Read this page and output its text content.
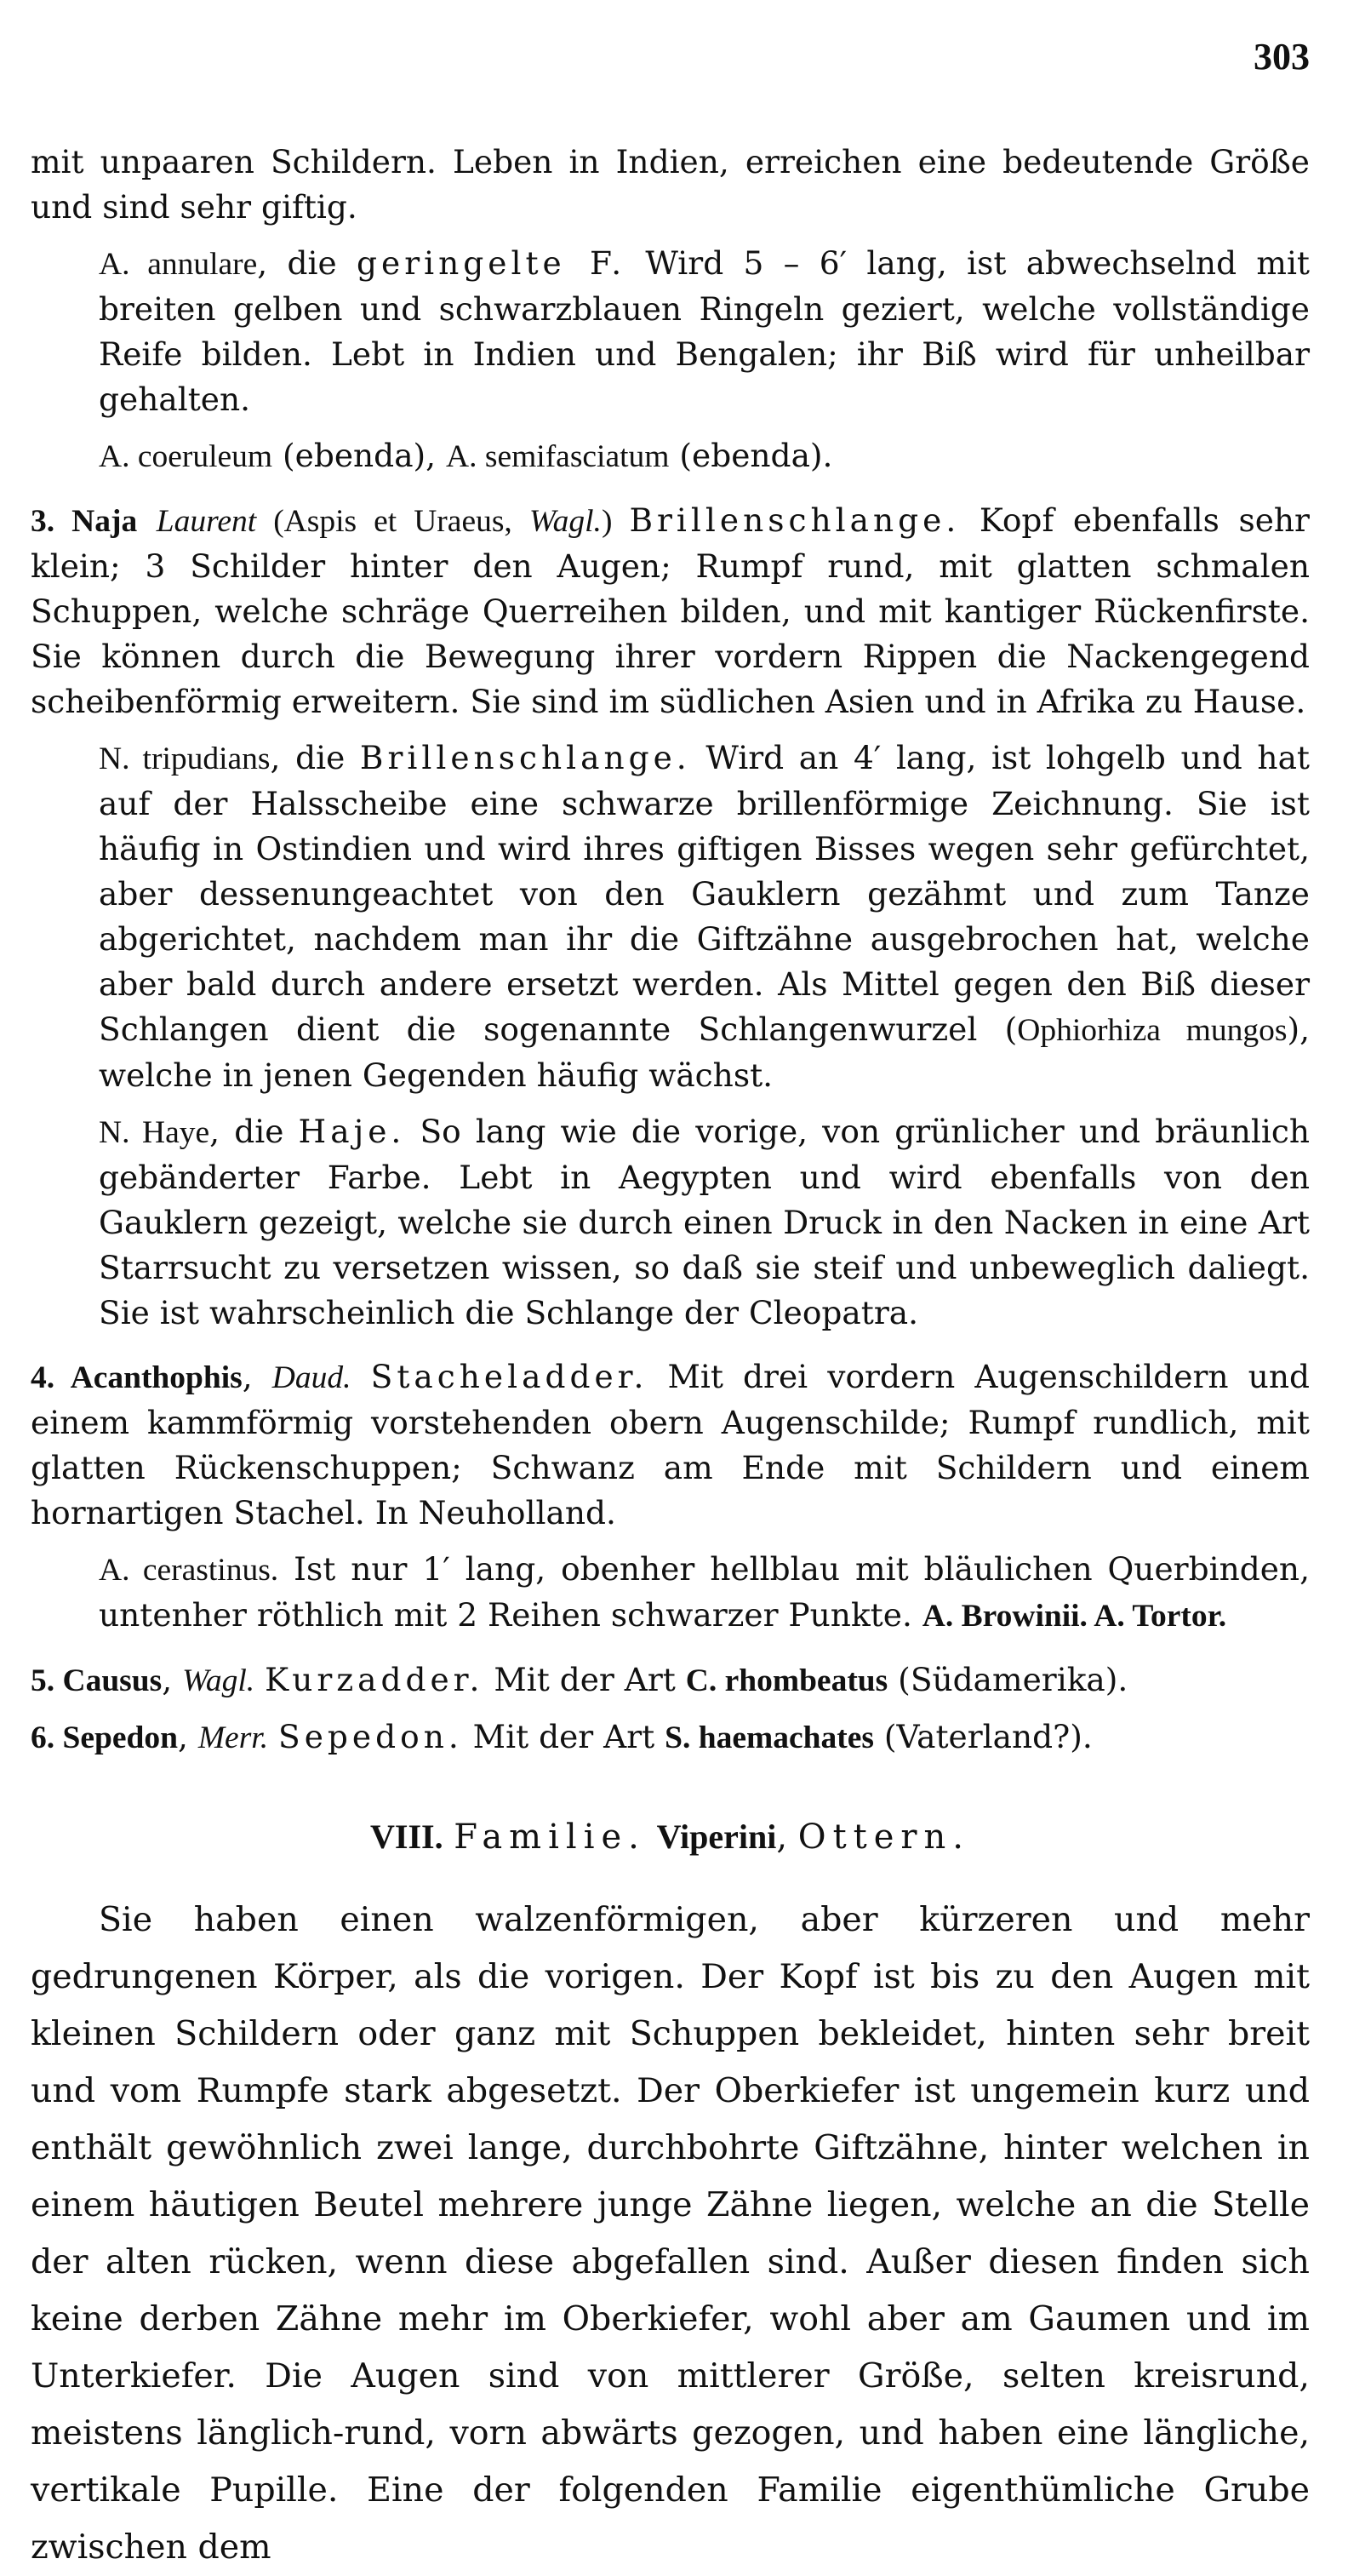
303

mit unpaaren Schildern. Leben in Indien, erreichen eine bedeutende Größe und sind sehr giftig.

A. annulare, die geringelte F. Wird 5 – 6′ lang, ist abwechselnd mit breiten gelben und schwarzblauen Ringeln geziert, welche vollständige Reife bilden. Lebt in Indien und Bengalen; ihr Biß wird für unheilbar gehalten.

A. coeruleum (ebenda), A. semifasciatum (ebenda).

3. Naja Laurent (Aspis et Uraeus, Wagl.) Brillenschlange. Kopf ebenfalls sehr klein; 3 Schilder hinter den Augen; Rumpf rund, mit glatten schmalen Schuppen, welche schräge Querreihen bilden, und mit kantiger Rückenfirste. Sie können durch die Bewegung ihrer vordern Rippen die Nackengegend scheibenförmig erweitern. Sie sind im südlichen Asien und in Afrika zu Hause.

N. tripudians, die Brillenschlange. Wird an 4′ lang, ist lohgelb und hat auf der Halsscheibe eine schwarze brillenförmige Zeichnung. Sie ist häufig in Ostindien und wird ihres giftigen Bisses wegen sehr gefürchtet, aber dessenungeachtet von den Gauklern gezähmt und zum Tanze abgerichtet, nachdem man ihr die Giftzähne ausgebrochen hat, welche aber bald durch andere ersetzt werden. Als Mittel gegen den Biß dieser Schlangen dient die sogenannte Schlangenwurzel (Ophiorhiza mungos), welche in jenen Gegenden häufig wächst.

N. Haye, die Haje. So lang wie die vorige, von grünlicher und bräunlich gebänderter Farbe. Lebt in Aegypten und wird ebenfalls von den Gauklern gezeigt, welche sie durch einen Druck in den Nacken in eine Art Starrsucht zu versetzen wissen, so daß sie steif und unbeweglich daliegt. Sie ist wahrscheinlich die Schlange der Cleopatra.

4. Acanthophis, Daud. Stacheladder. Mit drei vordern Augenschildern und einem kammförmig vorstehenden obern Augenschilde; Rumpf rundlich, mit glatten Rückenschuppen; Schwanz am Ende mit Schildern und einem hornartigen Stachel. In Neuholland.

A. cerastinus. Ist nur 1′ lang, obenher hellblau mit bläulichen Querbinden, untenher röthlich mit 2 Reihen schwarzer Punkte. A. Browinii. A. Tortor.

5. Causus, Wagl. Kurzadder. Mit der Art C. rhombeatus (Südamerika).

6. Sepedon, Merr. Sepedon. Mit der Art S. haemachates (Vaterland?).

VIII. Familie. Viperini, Ottern.

Sie haben einen walzenförmigen, aber kürzeren und mehr gedrungenen Körper, als die vorigen. Der Kopf ist bis zu den Augen mit kleinen Schildern oder ganz mit Schuppen bekleidet, hinten sehr breit und vom Rumpfe stark abgesetzt. Der Oberkiefer ist ungemein kurz und enthält gewöhnlich zwei lange, durchbohrte Giftzähne, hinter welchen in einem häutigen Beutel mehrere junge Zähne liegen, welche an die Stelle der alten rücken, wenn diese abgefallen sind. Außer diesen finden sich keine derben Zähne mehr im Oberkiefer, wohl aber am Gaumen und im Unterkiefer. Die Augen sind von mittlerer Größe, selten kreisrund, meistens länglich-rund, vorn abwärts gezogen, und haben eine längliche, vertikale Pupille. Eine der folgenden Familie eigenthümliche Grube zwischen dem
